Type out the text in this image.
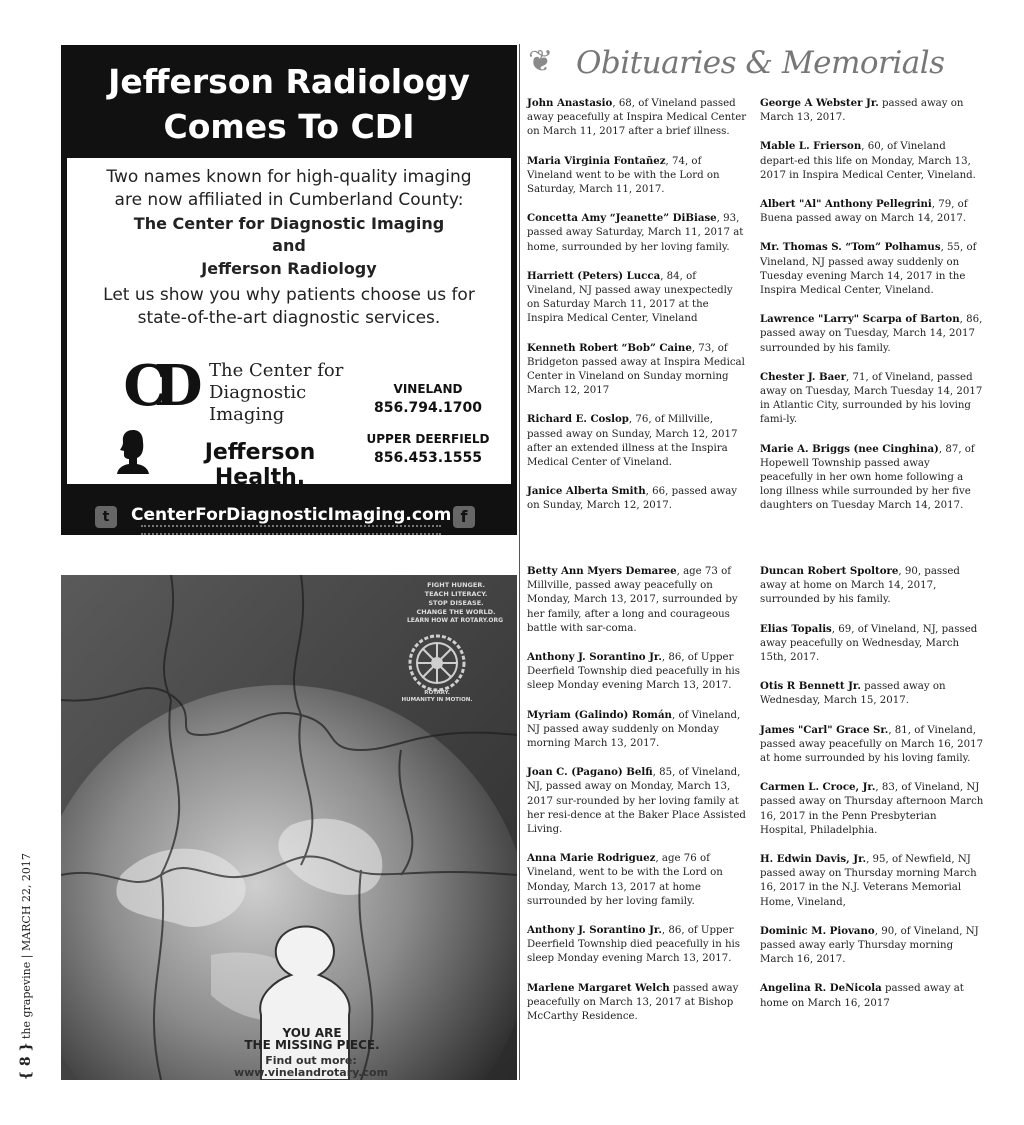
Jefferson Radiology
Comes To CDI
Two names known for high-quality imaging
are now affiliated in Cumberland County:
The Center for Diagnostic Imaging
and
Jefferson Radiology
Let us show you why patients choose us for
state-of-the-art diagnostic services.
CD	The Center for
Diagnostic Imaging
Jefferson Health.
VINELAND
856.794.1700
UPPER DEERFIELD
856.453.1555
t	CenterForDiagnosticImaging.com f
FIGHT HUNGER.
TEACH LITERACY.
STOP DISEASE.
CHANGE THE WORLD.
LEARN HOW AT ROTARY.ORG
ROTARY.
HUMANITY IN MOTION.
YOU ARE
THE MISSING PIECE.
Find out more:
www.vinelandrotary.com
{ 8 } the grapevine | MARCH 22, 2017
❦ Obituaries & Memorials

John Anastasio, 68, of Vineland passed away peacefully at Inspira Medical Center on March 11, 2017 after a brief illness.

Maria Virginia Fontañez, 74, of Vineland went to be with the Lord on Saturday, March 11, 2017.

Concetta Amy “Jeanette” DiBiase, 93, passed away Saturday, March 11, 2017 at home, surrounded by her loving family.

Harriett (Peters) Lucca, 84, of Vineland, NJ passed away unexpectedly on Saturday March 11, 2017 at the Inspira Medical Center, Vineland

Kenneth Robert “Bob” Caine, 73, of Bridgeton passed away at Inspira Medical Center in Vineland on Sunday morning March 12, 2017

Richard E. Coslop, 76, of Millville, passed away on Sunday, March 12, 2017 after an extended illness at the Inspira Medical Center of Vineland.

Janice Alberta Smith, 66, passed away on Sunday, March 12, 2017.

Betty Ann Myers Demaree, age 73 of Millville, passed away peacefully on Monday, March 13, 2017, surrounded by her family, after a long and courageous battle with sar-coma.

Anthony J. Sorantino Jr., 86, of Upper Deerfield Township died peacefully in his sleep Monday evening March 13, 2017.

Myriam (Galindo) Román, of Vineland, NJ passed away suddenly on Monday morning March 13, 2017.

Joan C. (Pagano) Belfi, 85, of Vineland, NJ, passed away on Monday, March 13, 2017 sur-rounded by her loving family at her resi-dence at the Baker Place Assisted Living.

Anna Marie Rodriguez, age 76 of Vineland, went to be with the Lord on Monday, March 13, 2017 at home surrounded by her loving family.

Anthony J. Sorantino Jr., 86, of Upper Deerfield Township died peacefully in his sleep Monday evening March 13, 2017.

Marlene Margaret Welch passed away peacefully on March 13, 2017 at Bishop McCarthy Residence.

George A Webster Jr. passed away on March 13, 2017.

Mable L. Frierson, 60, of Vineland depart-ed this life on Monday, March 13, 2017 in Inspira Medical Center, Vineland.

Albert "Al" Anthony Pellegrini, 79, of Buena passed away on March 14, 2017.

Mr. Thomas S. “Tom” Polhamus, 55, of Vineland, NJ passed away suddenly on Tuesday evening March 14, 2017 in the Inspira Medical Center, Vineland.

Lawrence "Larry" Scarpa of Barton, 86, passed away on Tuesday, March 14, 2017 surrounded by his family.

Chester J. Baer, 71, of Vineland, passed away on Tuesday, March Tuesday 14, 2017 in Atlantic City, surrounded by his loving fami-ly.

Marie A. Briggs (nee Cinghina), 87, of Hopewell Township passed away peacefully in her own home following a long illness while surrounded by her five daughters on Tuesday March 14, 2017.

Duncan Robert Spoltore, 90, passed away at home on March 14, 2017, surrounded by his family.

Elias Topalis, 69, of Vineland, NJ, passed away peacefully on Wednesday, March 15th, 2017.

Otis R Bennett Jr. passed away on Wednesday, March 15, 2017.

James "Carl" Grace Sr., 81, of Vineland, passed away peacefully on March 16, 2017 at home surrounded by his loving family.

Carmen L. Croce, Jr., 83, of Vineland, NJ passed away on Thursday afternoon March 16, 2017 in the Penn Presbyterian Hospital, Philadelphia.

H. Edwin Davis, Jr., 95, of Newfield, NJ passed away on Thursday morning March 16, 2017 in the N.J. Veterans Memorial Home, Vineland,

Dominic M. Piovano, 90, of Vineland, NJ passed away early Thursday morning March 16, 2017.

Angelina R. DeNicola passed away at home on March 16, 2017
